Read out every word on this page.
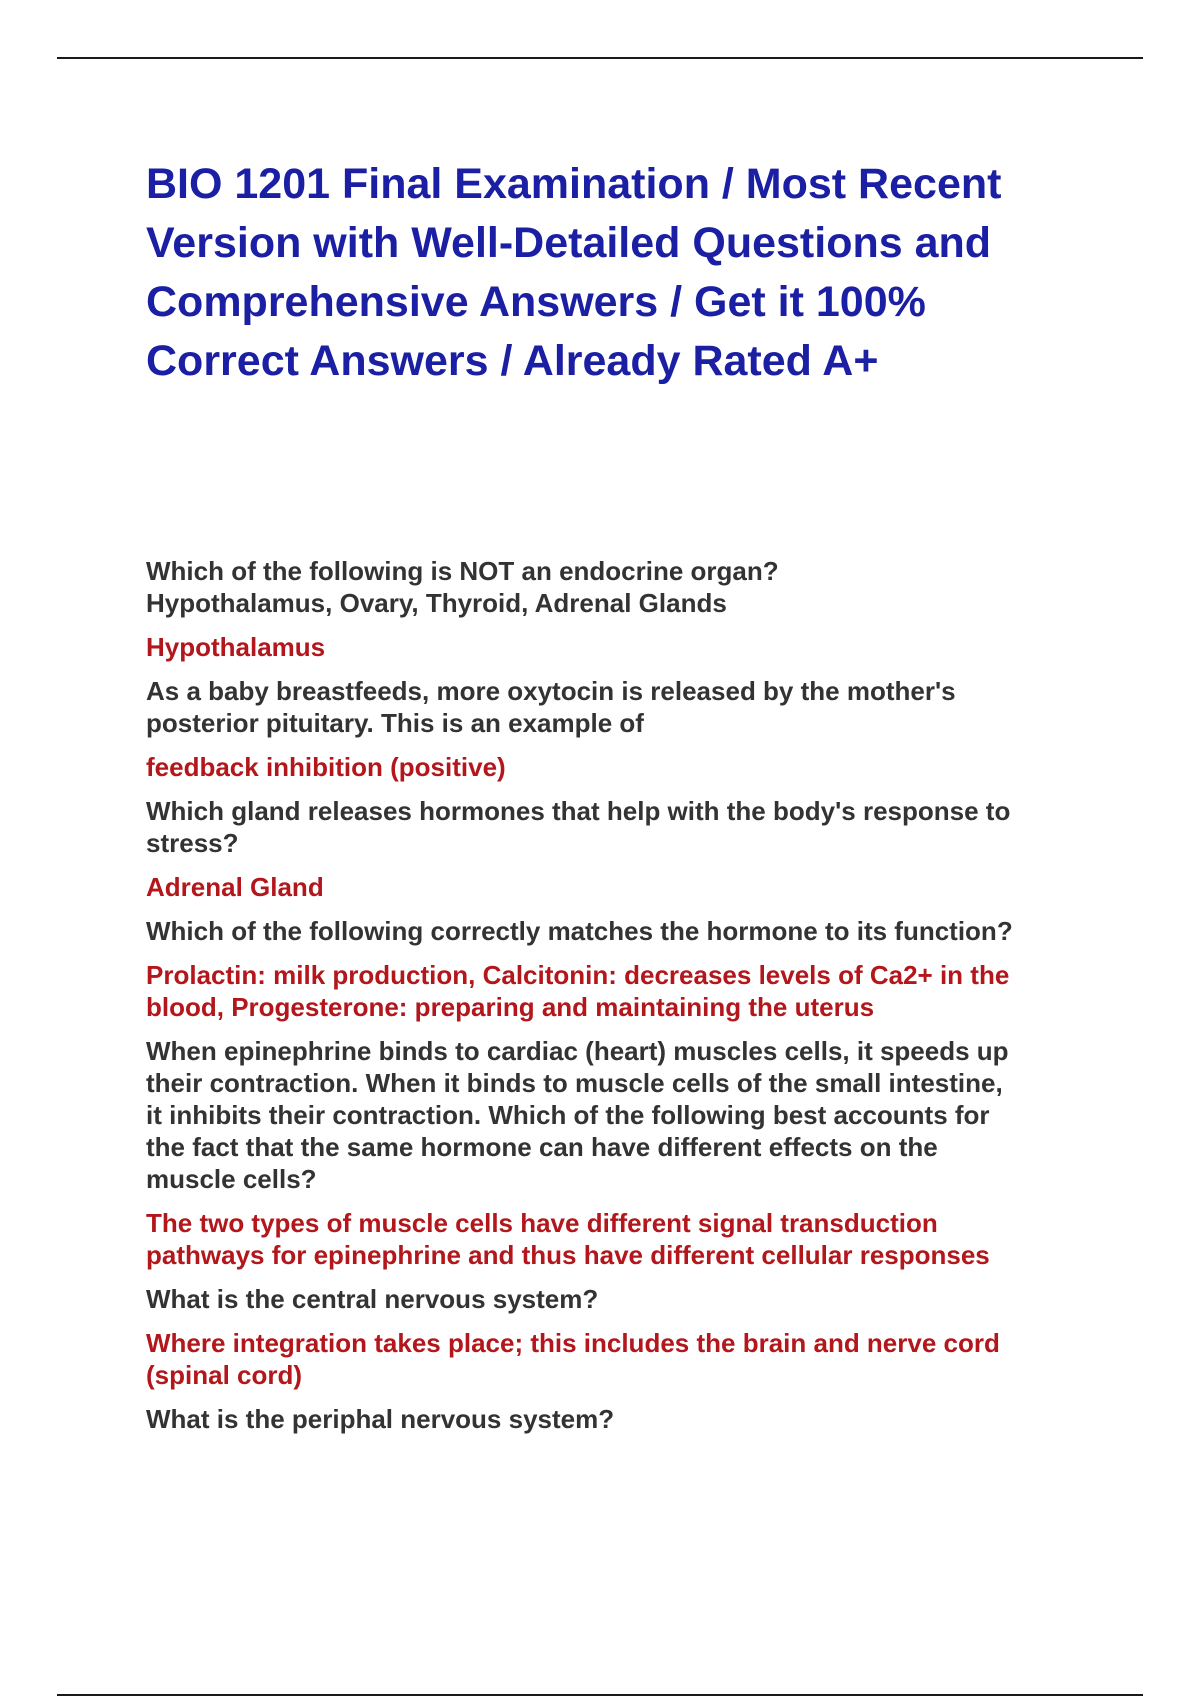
BIO 1201 Final Examination / Most Recent
Version with Well-Detailed Questions and
Comprehensive Answers / Get it 100%
Correct Answers / Already Rated A+

Which of the following is NOT an endocrine organ?
Hypothalamus, Ovary, Thyroid, Adrenal Glands

Hypothalamus

As a baby breastfeeds, more oxytocin is released by the mother's
posterior pituitary. This is an example of

feedback inhibition (positive)

Which gland releases hormones that help with the body's response to
stress?

Adrenal Gland

Which of the following correctly matches the hormone to its function?

Prolactin: milk production, Calcitonin: decreases levels of Ca2+ in the
blood, Progesterone: preparing and maintaining the uterus

When epinephrine binds to cardiac (heart) muscles cells, it speeds up
their contraction. When it binds to muscle cells of the small intestine,
it inhibits their contraction. Which of the following best accounts for
the fact that the same hormone can have different effects on the
muscle cells?

The two types of muscle cells have different signal transduction
pathways for epinephrine and thus have different cellular responses

What is the central nervous system?

Where integration takes place; this includes the brain and nerve cord
(spinal cord)

What is the periphal nervous system?
